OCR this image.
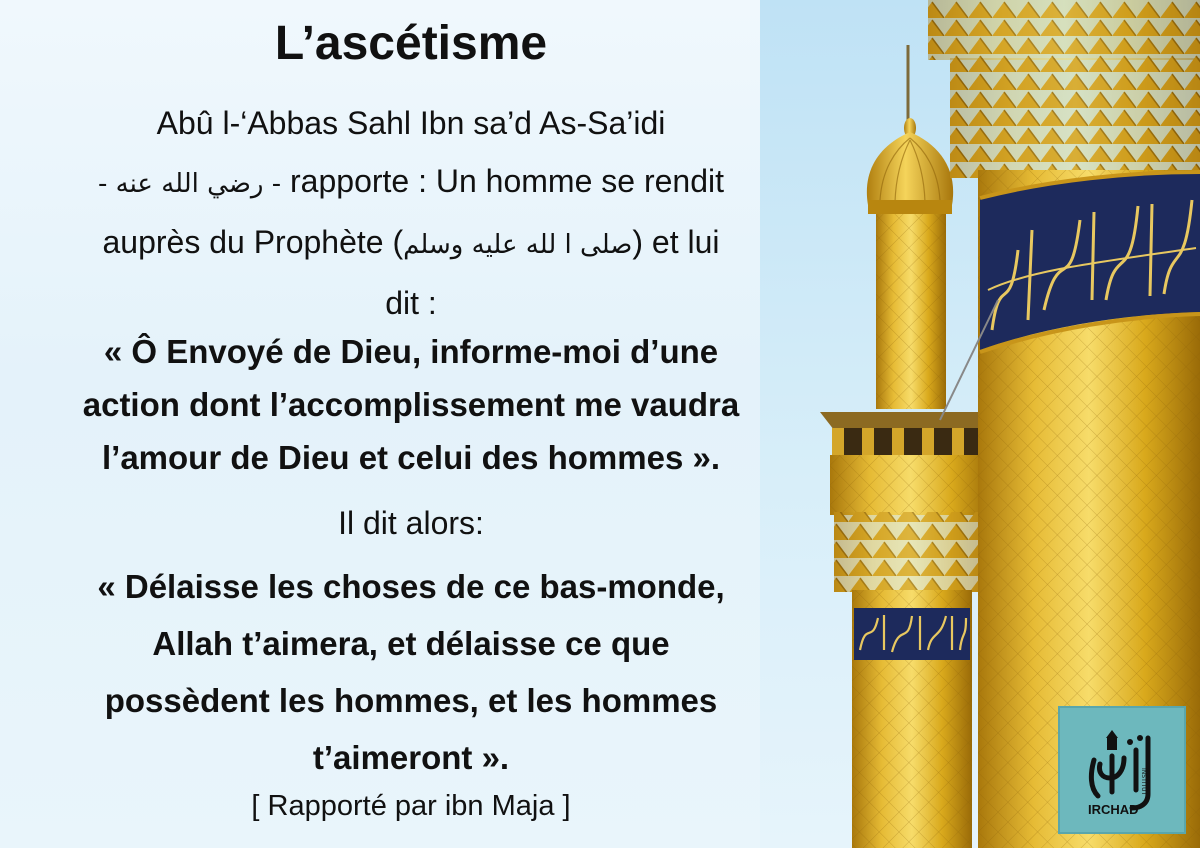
L’ascétisme
Abû l-‘Abbas Sahl Ibn sa’d As-Sa’idi
- رضي الله عنه - rapporte : Un homme se rendit
auprès du Prophète (صلى ا لله عليه وسلم) et lui
dit :
« Ô Envoyé de Dieu, informe-moi d’une
action dont l’accomplissement me vaudra
l’amour de Dieu et celui des hommes ».
Il dit alors:
« Délaisse les choses de ce bas-monde,
Allah t’aimera, et délaisse ce que
possèdent les hommes, et les hommes
t’aimeront ».
[ Rapporté par ibn Maja ]
INSTITUT
IRCHAD
